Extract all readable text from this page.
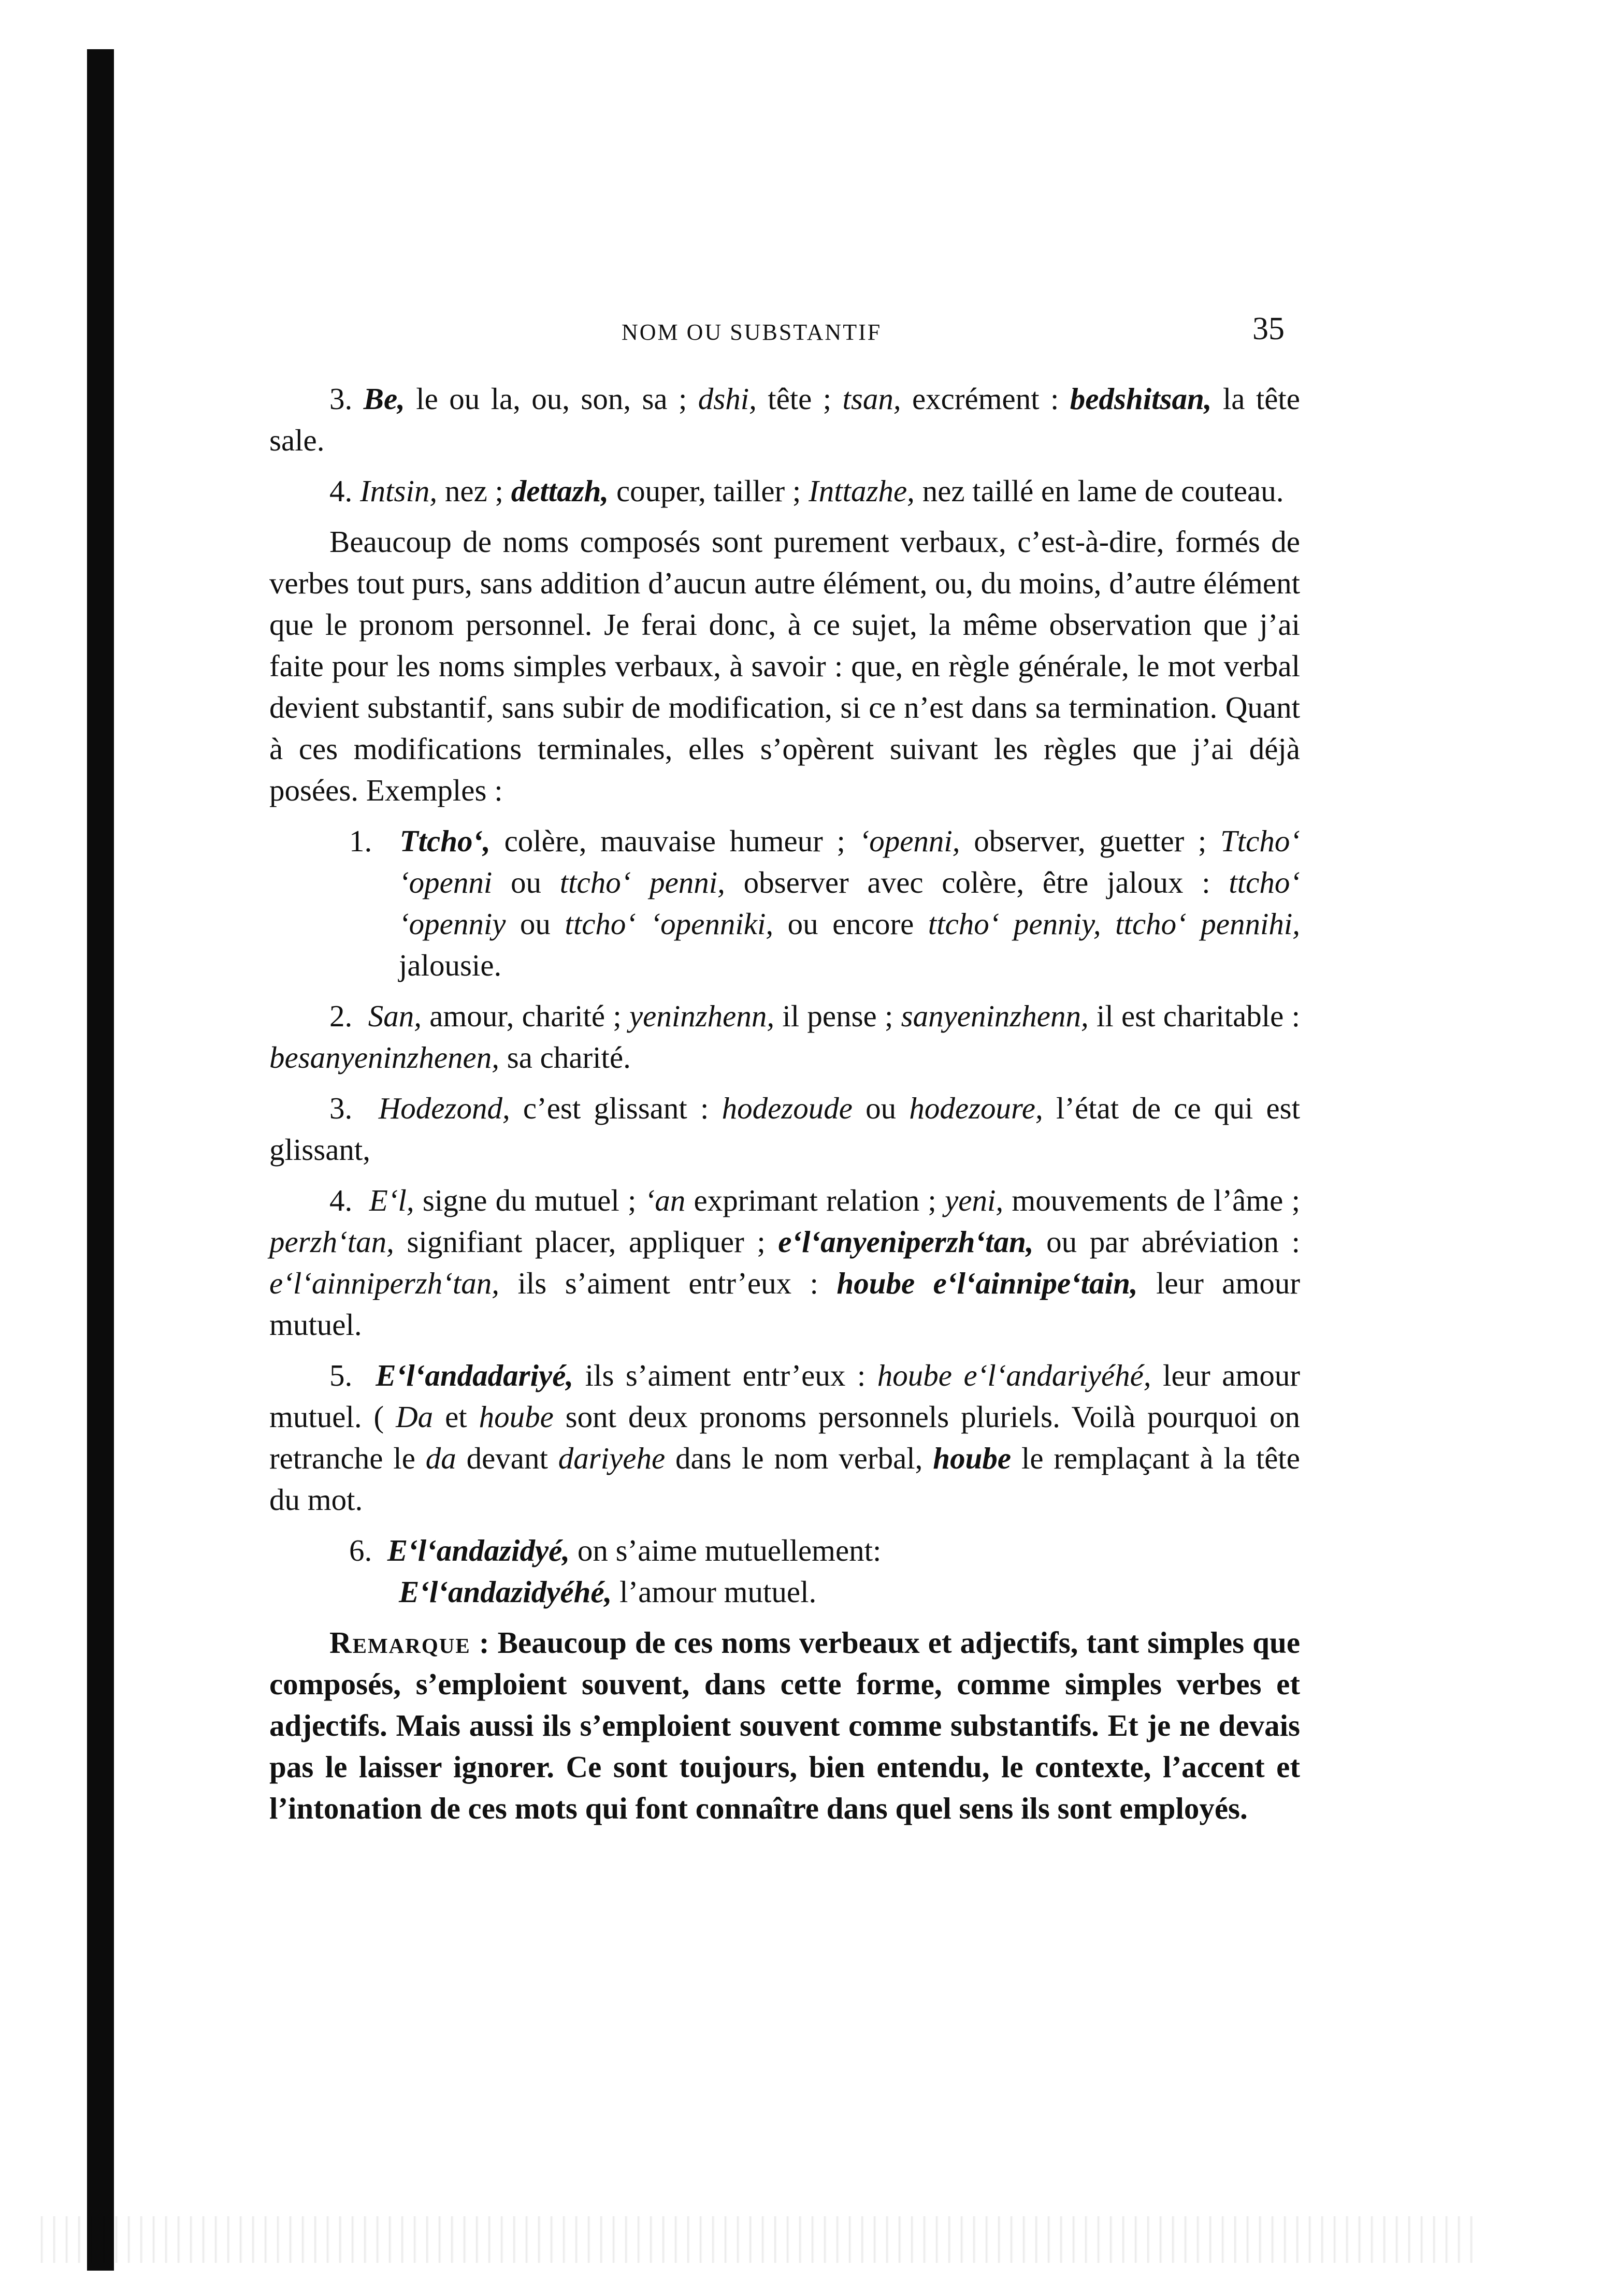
NOM OU SUBSTANTIF	35

3. Be, le ou la, ou, son, sa ; dshi, tête ; tsan, excrément : bedshitsan, la tête sale.

4. Intsin, nez ; dettazh, couper, tailler ; Inttazhe, nez taillé en lame de couteau.

Beaucoup de noms composés sont purement verbaux, c’est-à-dire, formés de verbes tout purs, sans addition d’aucun autre élément, ou, du moins, d’autre élément que le pronom personnel. Je ferai donc, à ce sujet, la même observation que j’ai faite pour les noms simples verbaux, à savoir : que, en règle générale, le mot verbal devient substantif, sans subir de modification, si ce n’est dans sa termination. Quant à ces modifications terminales, elles s’opèrent suivant les règles que j’ai déjà posées. Exemples :

1. Ttcho‘, colère, mauvaise humeur ; ‘openni, observer, guetter ; Ttcho‘ ‘openni ou ttcho‘ penni, observer avec colère, être jaloux : ttcho‘ ‘openniy ou ttcho‘ ‘openniki, ou encore ttcho‘ penniy, ttcho‘ pennihi, jalousie.

2. San, amour, charité ; yeninzhenn, il pense ; sanyeninzhenn, il est charitable : besanyeninzhenen, sa charité.

3. Hodezond, c’est glissant : hodezoude ou hodezoure, l’état de ce qui est glissant,

4. E‘l, signe du mutuel ; ‘an exprimant relation ; yeni, mouvements de l’âme ; perzh‘tan, signifiant placer, appliquer ; e‘l‘anyeniperzh‘tan, ou par abréviation : e‘l‘ainniperzh‘tan, ils s’aiment entr’eux : hoube e‘l‘ainnipe‘tain, leur amour mutuel.

5. E‘l‘andadariyé, ils s’aiment entr’eux : hoube e‘l‘andariyéhé, leur amour mutuel. ( Da et hoube sont deux pronoms personnels pluriels. Voilà pourquoi on retranche le da devant dariyehe dans le nom verbal, hoube le remplaçant à la tête du mot.

6. E‘l‘andazidyé, on s’aime mutuellement:
E‘l‘andazidyéhé, l’amour mutuel.

Remarque : Beaucoup de ces noms verbeaux et adjectifs, tant simples que composés, s’emploient souvent, dans cette forme, comme simples verbes et adjectifs. Mais aussi ils s’emploient souvent comme substantifs. Et je ne devais pas le laisser ignorer. Ce sont toujours, bien entendu, le contexte, l’accent et l’intonation de ces mots qui font connaître dans quel sens ils sont employés.
